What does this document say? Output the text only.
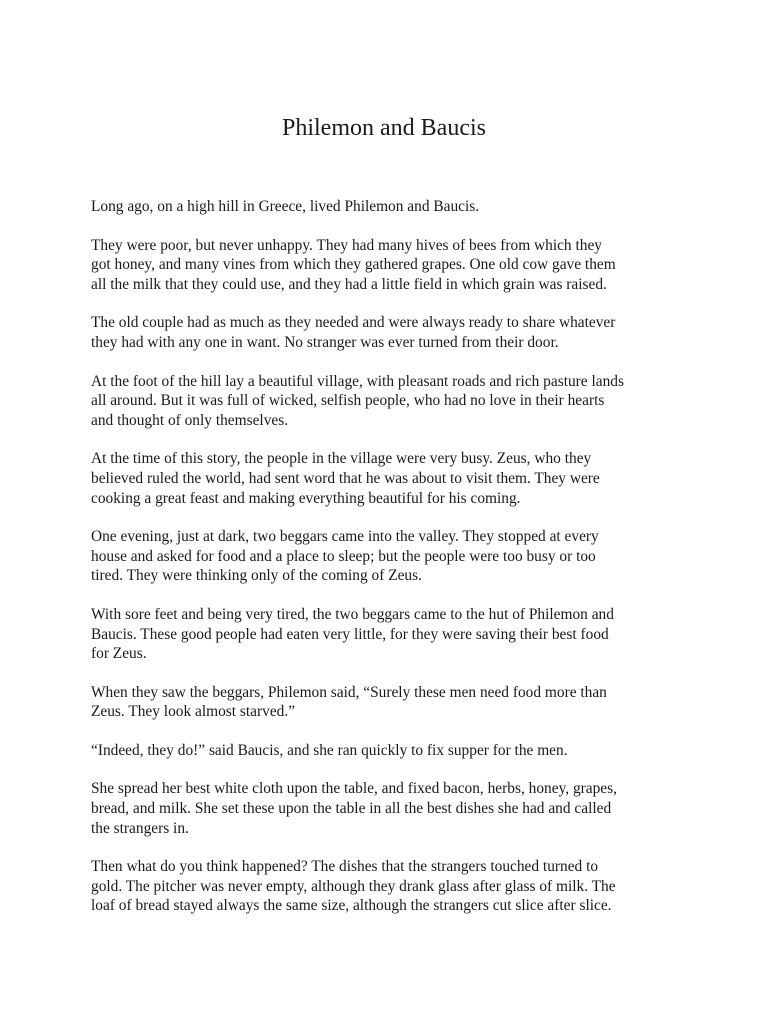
Philemon and Baucis

Long ago, on a high hill in Greece, lived Philemon and Baucis.

They were poor, but never unhappy. They had many hives of bees from which they
got honey, and many vines from which they gathered grapes. One old cow gave them
all the milk that they could use, and they had a little field in which grain was raised.

The old couple had as much as they needed and were always ready to share whatever
they had with any one in want. No stranger was ever turned from their door.

At the foot of the hill lay a beautiful village, with pleasant roads and rich pasture lands
all around. But it was full of wicked, selfish people, who had no love in their hearts
and thought of only themselves.

At the time of this story, the people in the village were very busy. Zeus, who they
believed ruled the world, had sent word that he was about to visit them. They were
cooking a great feast and making everything beautiful for his coming.

One evening, just at dark, two beggars came into the valley. They stopped at every
house and asked for food and a place to sleep; but the people were too busy or too
tired. They were thinking only of the coming of Zeus.

With sore feet and being very tired, the two beggars came to the hut of Philemon and
Baucis. These good people had eaten very little, for they were saving their best food
for Zeus.

When they saw the beggars, Philemon said, “Surely these men need food more than
Zeus. They look almost starved.”

“Indeed, they do!” said Baucis, and she ran quickly to fix supper for the men.

She spread her best white cloth upon the table, and fixed bacon, herbs, honey, grapes,
bread, and milk. She set these upon the table in all the best dishes she had and called
the strangers in.

Then what do you think happened? The dishes that the strangers touched turned to
gold. The pitcher was never empty, although they drank glass after glass of milk. The
loaf of bread stayed always the same size, although the strangers cut slice after slice.
